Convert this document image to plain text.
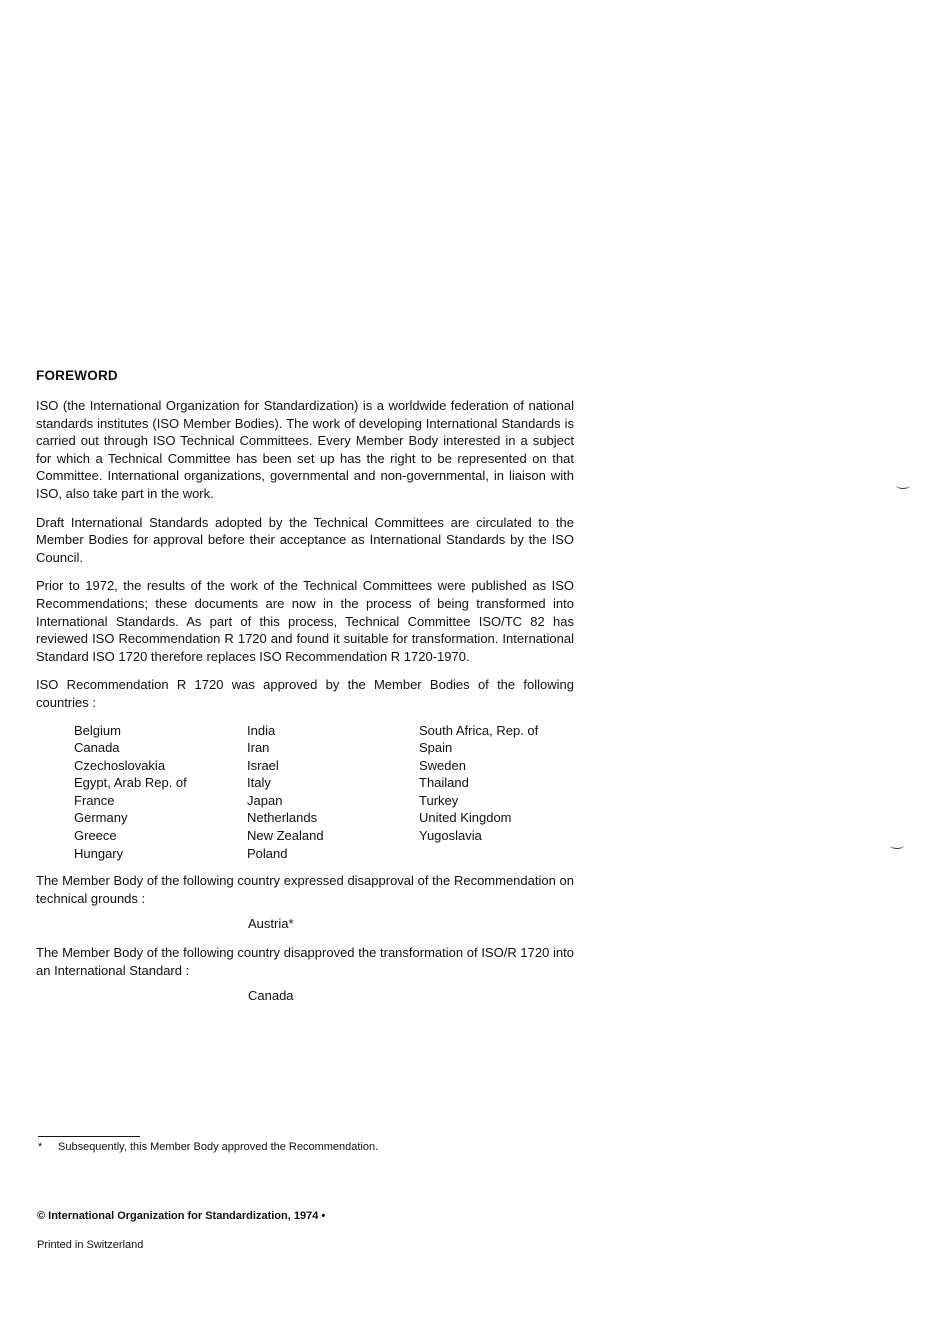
FOREWORD

ISO (the International Organization for Standardization) is a worldwide federation of national standards institutes (ISO Member Bodies). The work of developing International Standards is carried out through ISO Technical Committees. Every Member Body interested in a subject for which a Technical Committee has been set up has the right to be represented on that Committee. International organizations, governmental and non-governmental, in liaison with ISO, also take part in the work.

Draft International Standards adopted by the Technical Committees are circulated to the Member Bodies for approval before their acceptance as International Standards by the ISO Council.

Prior to 1972, the results of the work of the Technical Committees were published as ISO Recommendations; these documents are now in the process of being transformed into International Standards. As part of this process, Technical Committee ISO/TC 82 has reviewed ISO Recommendation R 1720 and found it suitable for transformation. International Standard ISO 1720 therefore replaces ISO Recommendation R 1720-1970.

ISO Recommendation R 1720 was approved by the Member Bodies of the following countries :

Belgium
Canada
Czechoslovakia
Egypt, Arab Rep. of
France
Germany
Greece
Hungary
India
Iran
Israel
Italy
Japan
Netherlands
New Zealand
Poland
South Africa, Rep. of
Spain
Sweden
Thailand
Turkey
United Kingdom
Yugoslavia

The Member Body of the following country expressed disapproval of the Recommendation on technical grounds :

Austria*

The Member Body of the following country disapproved the transformation of ISO/R 1720 into an International Standard :

Canada
* Subsequently, this Member Body approved the Recommendation.
© International Organization for Standardization, 1974 •
Printed in Switzerland
